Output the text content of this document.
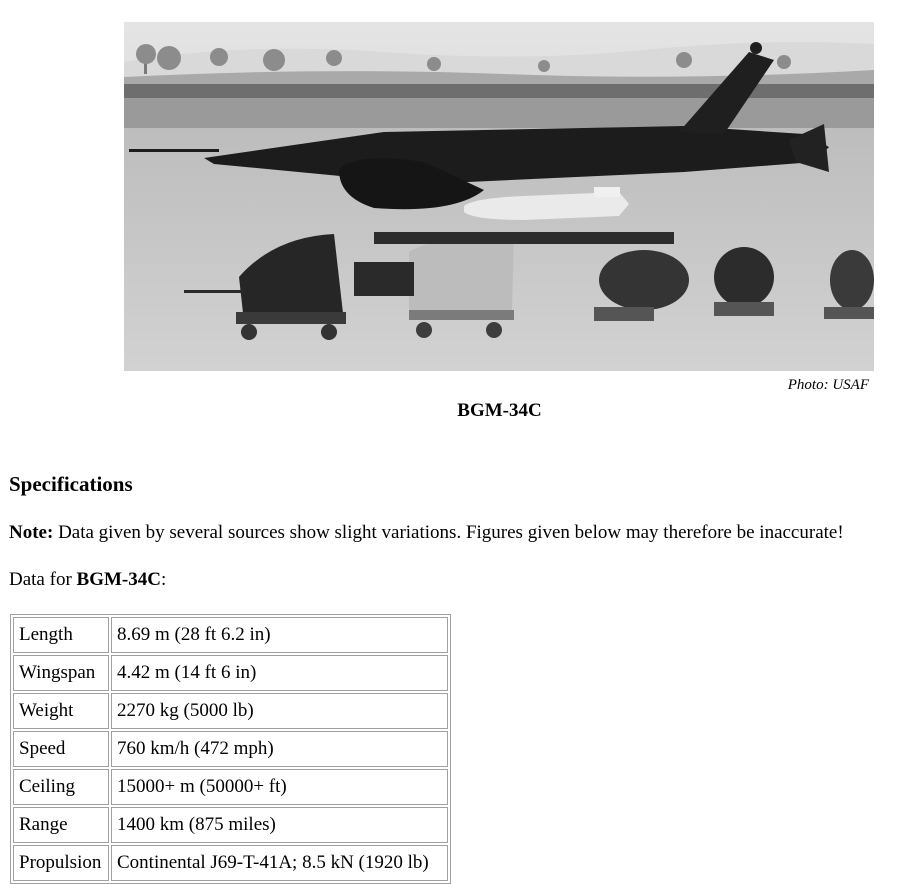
Photo: USAF
BGM-34C
Specifications

Note: Data given by several sources show slight variations. Figures given below may therefore be inaccurate!

Data for BGM-34C:

Length	8.69 m (28 ft 6.2 in)
Wingspan	4.42 m (14 ft 6 in)
Weight	2270 kg (5000 lb)
Speed	760 km/h (472 mph)
Ceiling	15000+ m (50000+ ft)
Range	1400 km (875 miles)
Propulsion	Continental J69-T-41A; 8.5 kN (1920 lb)
